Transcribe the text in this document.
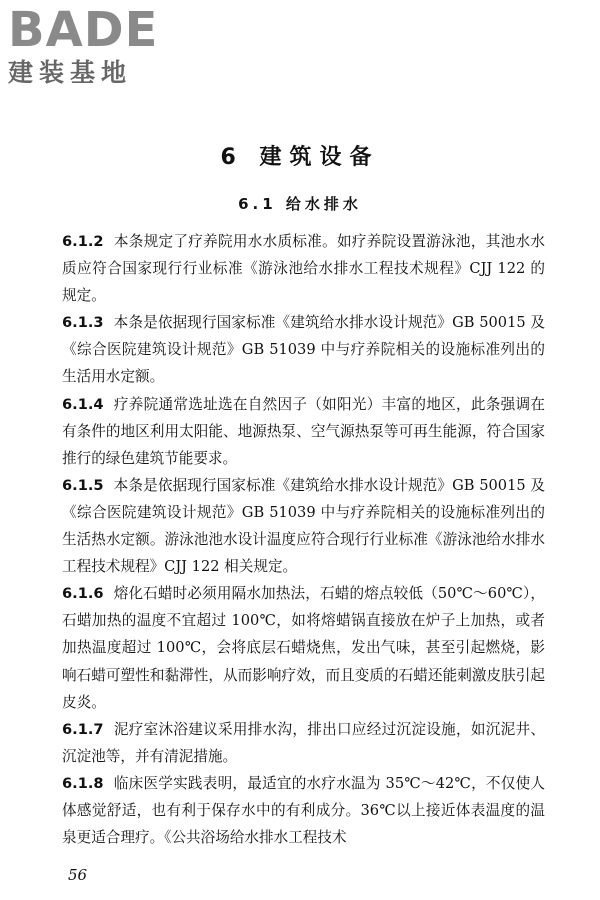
BADE
建装基地
6 建筑设备
6.1 给水排水

6.1.2 本条规定了疗养院用水水质标准。如疗养院设置游泳池，其池水水质应符合国家现行行业标准《游泳池给水排水工程技术规程》CJJ 122 的规定。

6.1.3 本条是依据现行国家标准《建筑给水排水设计规范》GB 50015 及《综合医院建筑设计规范》GB 51039 中与疗养院相关的设施标准列出的生活用水定额。

6.1.4 疗养院通常选址选在自然因子（如阳光）丰富的地区，此条强调在有条件的地区利用太阳能、地源热泵、空气源热泵等可再生能源，符合国家推行的绿色建筑节能要求。

6.1.5 本条是依据现行国家标准《建筑给水排水设计规范》GB 50015 及《综合医院建筑设计规范》GB 51039 中与疗养院相关的设施标准列出的生活热水定额。游泳池池水设计温度应符合现行行业标准《游泳池给水排水工程技术规程》CJJ 122 相关规定。

6.1.6 熔化石蜡时必须用隔水加热法，石蜡的熔点较低（50℃～60℃），石蜡加热的温度不宜超过 100℃，如将熔蜡锅直接放在炉子上加热，或者加热温度超过 100℃，会将底层石蜡烧焦，发出气味，甚至引起燃烧，影响石蜡可塑性和黏滞性，从而影响疗效，而且变质的石蜡还能刺激皮肤引起皮炎。

6.1.7 泥疗室沐浴建议采用排水沟，排出口应经过沉淀设施，如沉泥井、沉淀池等，并有清泥措施。

6.1.8 临床医学实践表明，最适宜的水疗水温为 35℃～42℃，不仅使人体感觉舒适，也有利于保存水中的有利成分。36℃以上接近体表温度的温泉更适合理疗。《公共浴场给水排水工程技术

56
